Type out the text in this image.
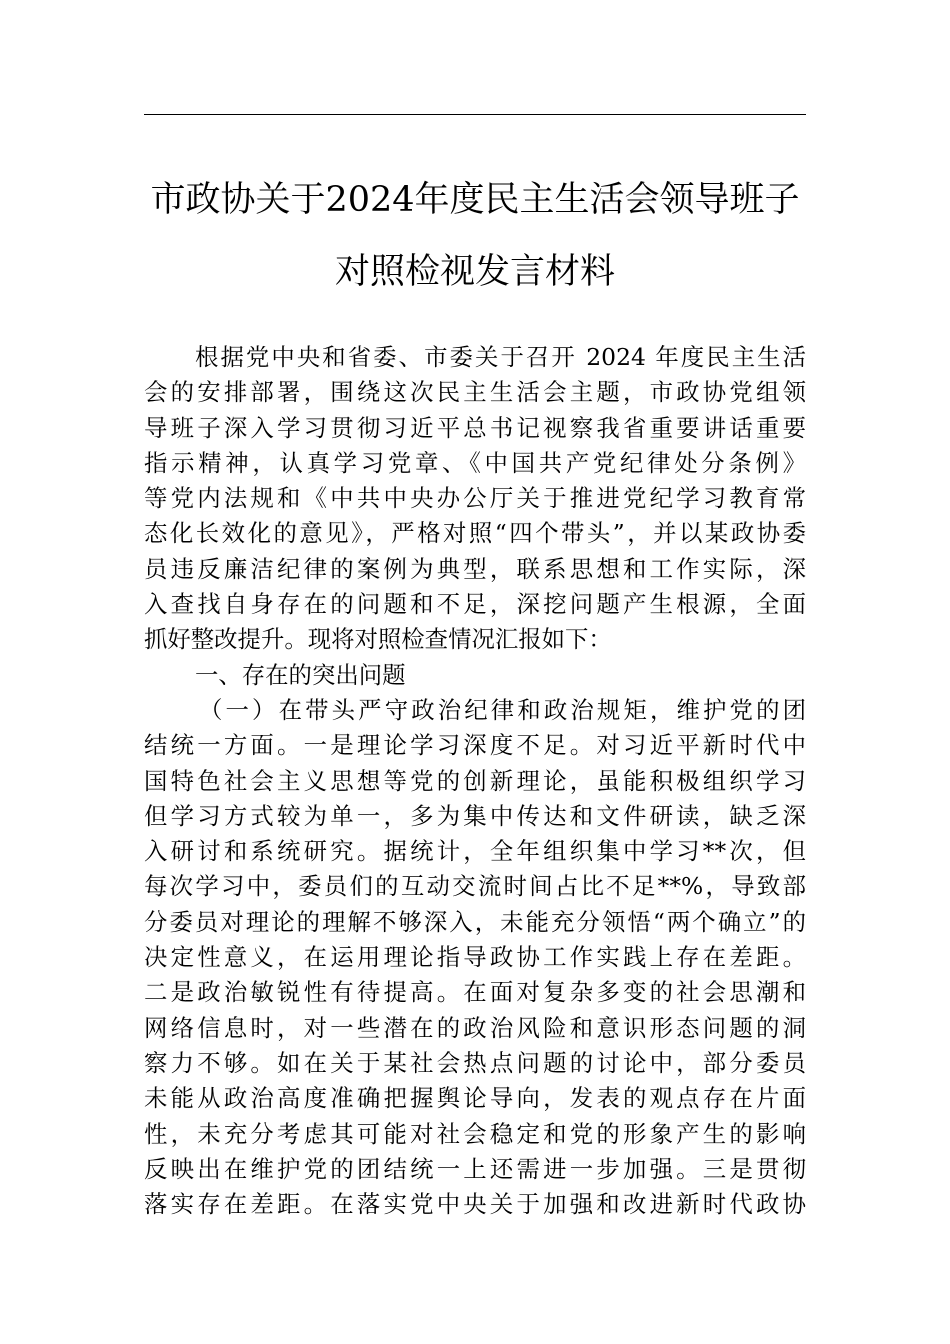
市政协关于2024年度民主生活会领导班子
对照检视发言材料
根据党中央和省委、市委关于召开 2024 年度民主生活
会的安排部署，围绕这次民主生活会主题，市政协党组领
导班子深入学习贯彻习近平总书记视察我省重要讲话重要
指示精神，认真学习党章、《中国共产党纪律处分条例》
等党内法规和《中共中央办公厅关于推进党纪学习教育常
态化长效化的意见》，严格对照“四个带头”，并以某政协委
员违反廉洁纪律的案例为典型，联系思想和工作实际，深
入查找自身存在的问题和不足，深挖问题产生根源，全面
抓好整改提升。现将对照检查情况汇报如下：
一、存在的突出问题
（一）在带头严守政治纪律和政治规矩，维护党的团
结统一方面。一是理论学习深度不足。对习近平新时代中
国特色社会主义思想等党的创新理论，虽能积极组织学习
但学习方式较为单一，多为集中传达和文件研读，缺乏深
入研讨和系统研究。据统计，全年组织集中学习**次，但
每次学习中，委员们的互动交流时间占比不足**%，导致部
分委员对理论的理解不够深入，未能充分领悟“两个确立”的
决定性意义，在运用理论指导政协工作实践上存在差距。
二是政治敏锐性有待提高。在面对复杂多变的社会思潮和
网络信息时，对一些潜在的政治风险和意识形态问题的洞
察力不够。如在关于某社会热点问题的讨论中，部分委员
未能从政治高度准确把握舆论导向，发表的观点存在片面
性，未充分考虑其可能对社会稳定和党的形象产生的影响
反映出在维护党的团结统一上还需进一步加强。三是贯彻
落实存在差距。在落实党中央关于加强和改进新时代政协
